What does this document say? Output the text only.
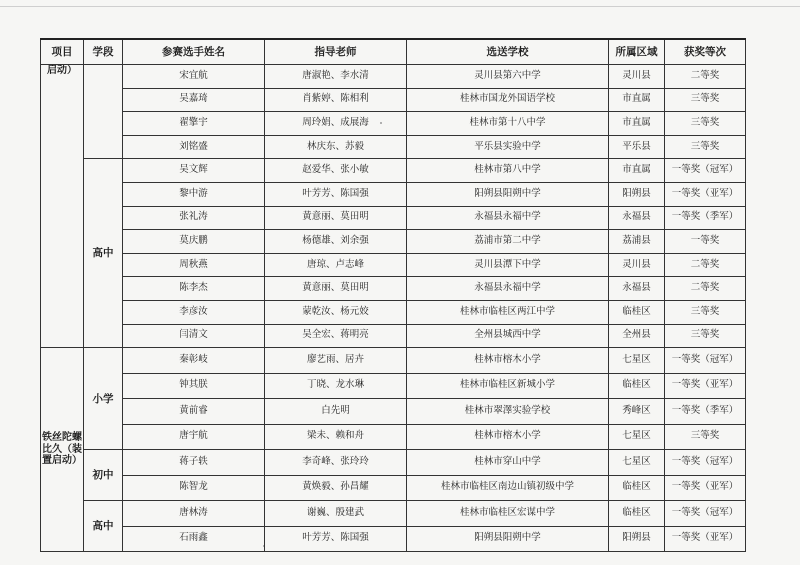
项目	学段	参赛选手姓名	指导老师	选送学校	所属区域	获奖等次
启动）		宋宜航	唐淑艳、李水清	灵川县第六中学	灵川县	二等奖
		吴嘉琦	肖紫婷、陈相利	桂林市国龙外国语学校	市直属	三等奖
		翟擎宇	周玲娟、成展海	桂林市第十八中学	市直属	三等奖
		刘铭盛	林庆东、苏毅	平乐县实验中学	平乐县	三等奖
	高中	吴文辉	赵爱华、张小敏	桂林市第八中学	市直属	一等奖（冠军）
		黎中游	叶芳芳、陈国强	阳朔县阳朔中学	阳朔县	一等奖（亚军）
		张礼涛	黄意丽、莫田明	永福县永福中学	永福县	一等奖（季军）
		莫庆鹏	杨德雄、刘余强	荔浦市第二中学	荔浦县	一等奖
		周秋燕	唐琼、卢志峰	灵川县潭下中学	灵川县	二等奖
		陈李杰	黄意丽、莫田明	永福县永福中学	永福县	二等奖
		李彦汝	蒙乾汝、杨元姣	桂林市临桂区两江中学	临桂区	三等奖
		闫清文	吴全宏、蒋明亮	全州县城西中学	全州县	三等奖
铁丝陀螺比久（装置启动）	小学	秦彰岐	廖艺雨、居卉	桂林市榕木小学	七星区	一等奖（冠军）
		钟其朕	丁晓、龙水琳	桂林市临桂区新城小学	临桂区	一等奖（亚军）
		黄前睿	白先明	桂林市翠澤实验学校	秀峰区	一等奖（季军）
		唐宇航	梁未、赖和舟	桂林市榕木小学	七星区	三等奖
	初中	蒋子轶	李奇峰、张玲玲	桂林市穿山中学	七星区	一等奖（冠军）
		陈智龙	黄焕毅、孙昌耀	桂林市临桂区南边山镇初级中学	临桂区	一等奖（亚军）
	高中	唐林涛	谢巍、殷建武	桂林市临桂区宏谋中学	临桂区	一等奖（冠军）
		石雨鑫	叶芳芳、陈国强	阳朔县阳朔中学	阳朔县	一等奖（亚军）
